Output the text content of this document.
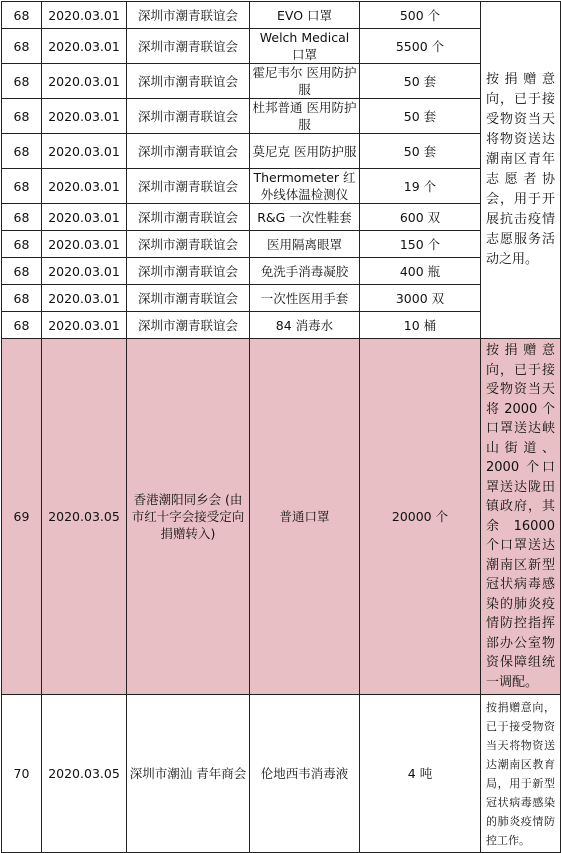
68	2020.03.01	深圳市潮青联谊会	EVO 口罩	500 个	按捐赠意向，已于接受物资当天将物资送达潮南区青年志愿者协会，用于开展抗击疫情志愿服务活动之用。
68	2020.03.01	深圳市潮青联谊会	Welch Medical 口罩	5500 个	
68	2020.03.01	深圳市潮青联谊会	霍尼韦尔 医用防护服	50 套	
68	2020.03.01	深圳市潮青联谊会	杜邦普通 医用防护服	50 套	
68	2020.03.01	深圳市潮青联谊会	莫尼克 医用防护服	50 套	
68	2020.03.01	深圳市潮青联谊会	Thermometer 红外线体温检测仪	19 个	
68	2020.03.01	深圳市潮青联谊会	R&G 一次性鞋套	600 双	
68	2020.03.01	深圳市潮青联谊会	医用隔离眼罩	150 个	
68	2020.03.01	深圳市潮青联谊会	免洗手消毒凝胶	400 瓶	
68	2020.03.01	深圳市潮青联谊会	一次性医用手套	3000 双	
68	2020.03.01	深圳市潮青联谊会	84 消毒水	10 桶	
69	2020.03.05	香港潮阳同乡会 (由市红十字会接受定向捐赠转入)	普通口罩	20000 个	按捐赠意向，已于接受物资当天将 2000 个口罩送达峡山街道、2000 个口罩送达陇田镇政府，其余 16000 个口罩送达潮南区新型冠状病毒感染的肺炎疫情防控指挥部办公室物资保障组统一调配。
70	2020.03.05	深圳市潮汕 青年商会	伦地西韦消毒液	4 吨	按捐赠意向，已于接受物资当天将物资送达潮南区教育局，用于新型冠状病毒感染的肺炎疫情防控工作。
